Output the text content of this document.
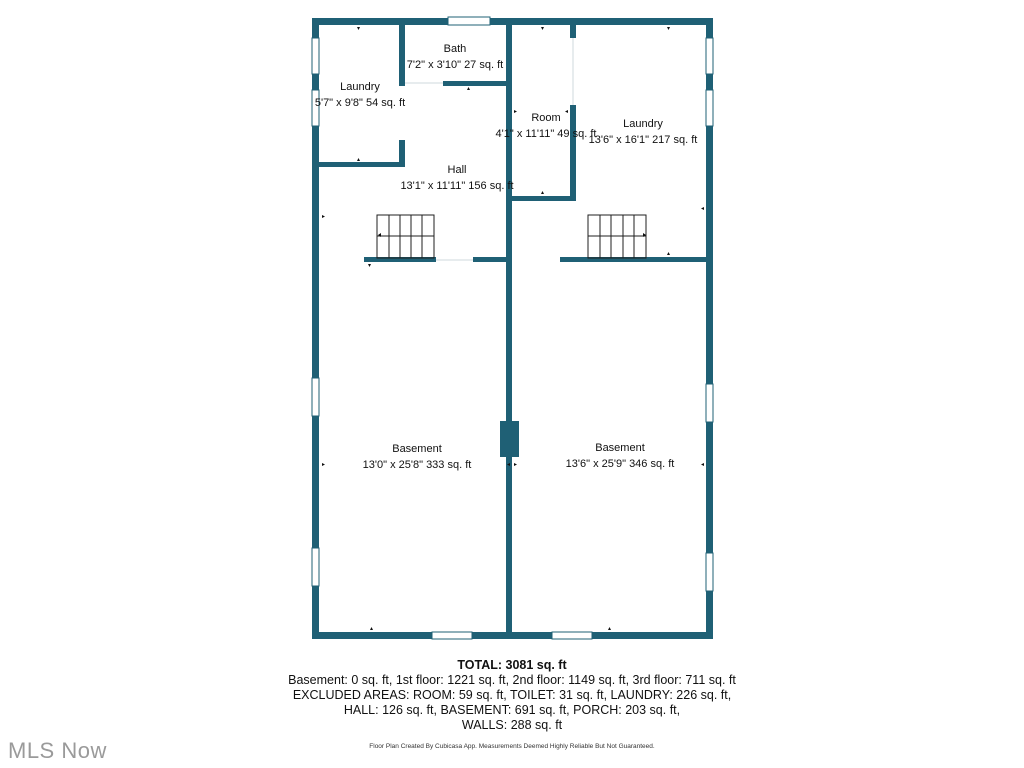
Laundry
5'7" x 9'8" 54 sq. ft
Bath
7'2" x 3'10" 27 sq. ft
Room
4'1" x 11'11" 49 sq. ft
Laundry
13'6" x 16'1" 217 sq. ft
Hall
13'1" x 11'11" 156 sq. ft
Basement
13'0" x 25'8" 333 sq. ft
Basement
13'6" x 25'9" 346 sq. ft
TOTAL: 3081 sq. ft
Basement: 0 sq. ft, 1st floor: 1221 sq. ft, 2nd floor: 1149 sq. ft, 3rd floor: 711 sq. ft
EXCLUDED AREAS: ROOM: 59 sq. ft, TOILET: 31 sq. ft, LAUNDRY: 226 sq. ft,
HALL: 126 sq. ft, BASEMENT: 691 sq. ft, PORCH: 203 sq. ft,
WALLS: 288 sq. ft
Floor Plan Created By Cubicasa App. Measurements Deemed Highly Reliable But Not Guaranteed.
MLS Now
